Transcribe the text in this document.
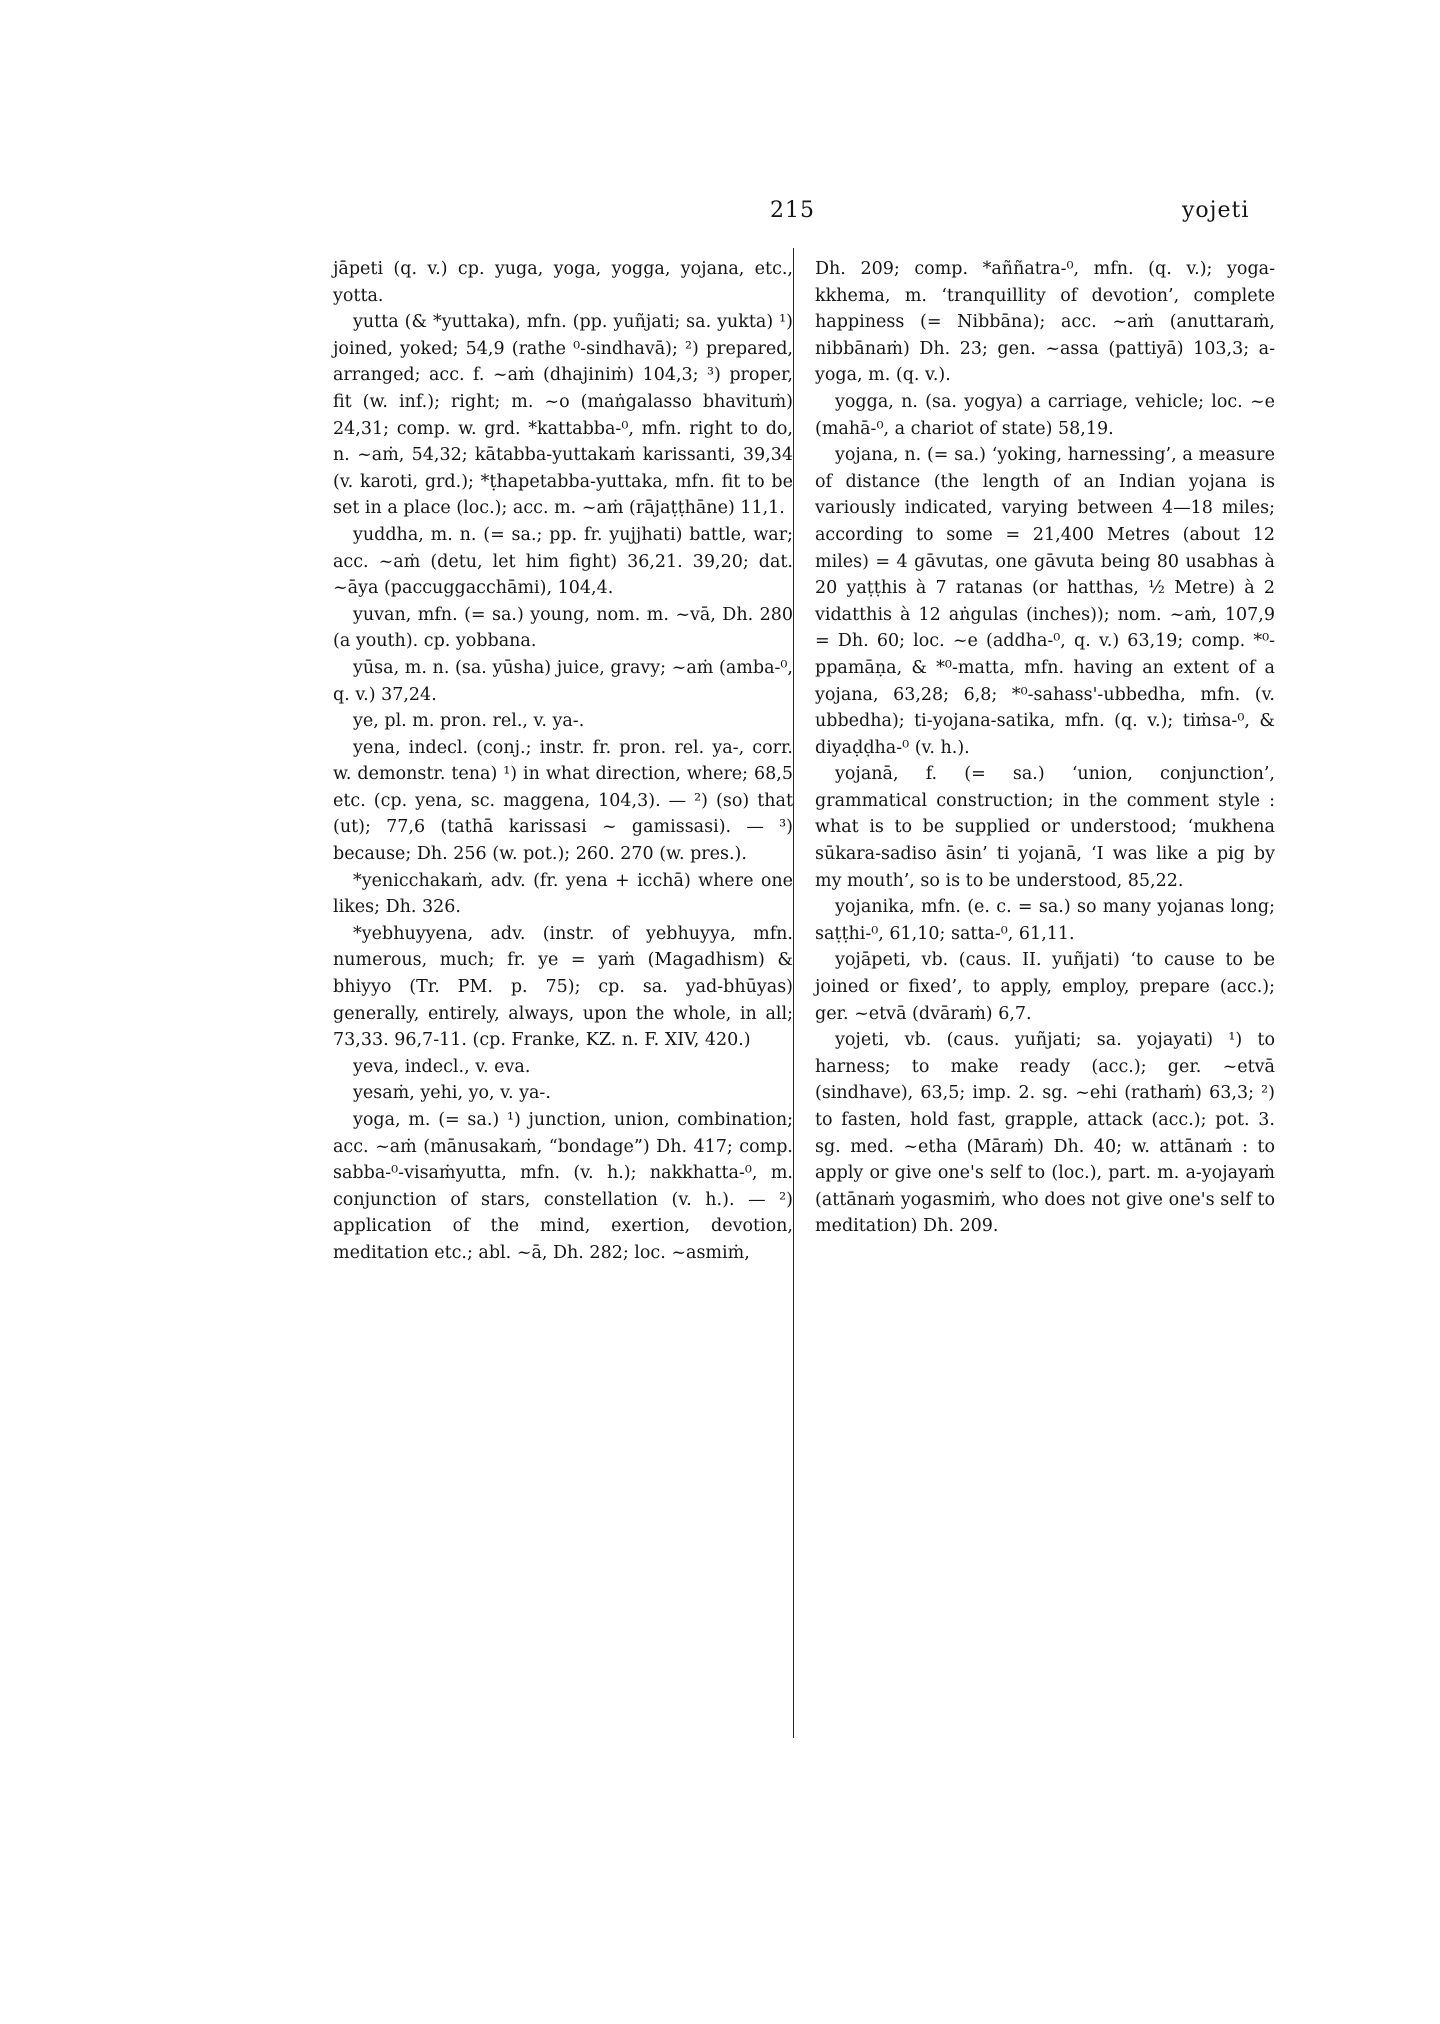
215	yojeti

jāpeti (q. v.) cp. yuga, yoga, yogga, yojana, etc., yotta.

yutta (& *yuttaka), mfn. (pp. yuñjati; sa. yukta) ¹) joined, yoked; 54,9 (rathe ⁰-sindhavā); ²) prepared, arranged; acc. f. ~aṁ (dhajiniṁ) 104,3; ³) proper, fit (w. inf.); right; m. ~o (maṅgalasso bhavituṁ) 24,31; comp. w. grd. *kattabba-⁰, mfn. right to do, n. ~aṁ, 54,32; kātabba-yuttakaṁ karissanti, 39,34 (v. karoti, grd.); *ṭhapetabba-yuttaka, mfn. fit to be set in a place (loc.); acc. m. ~aṁ (rājaṭṭhāne) 11,1.

yuddha, m. n. (= sa.; pp. fr. yujjhati) battle, war; acc. ~aṁ (detu, let him fight) 36,21. 39,20; dat. ~āya (paccuggacchāmi), 104,4.

yuvan, mfn. (= sa.) young, nom. m. ~vā, Dh. 280 (a youth). cp. yobbana.

yūsa, m. n. (sa. yūsha) juice, gravy; ~aṁ (amba-⁰, q. v.) 37,24.

ye, pl. m. pron. rel., v. ya-.

yena, indecl. (conj.; instr. fr. pron. rel. ya-, corr. w. demonstr. tena) ¹) in what direction, where; 68,5 etc. (cp. yena, sc. maggena, 104,3). — ²) (so) that (ut); 77,6 (tathā karissasi ~ gamissasi). — ³) because; Dh. 256 (w. pot.); 260. 270 (w. pres.).

*yenicchakaṁ, adv. (fr. yena + icchā) where one likes; Dh. 326.

*yebhuyyena, adv. (instr. of yebhuyya, mfn. numerous, much; fr. ye = yaṁ (Magadhism) & bhiyyo (Tr. PM. p. 75); cp. sa. yad-bhūyas) generally, entirely, always, upon the whole, in all; 73,33. 96,7-11. (cp. Franke, KZ. n. F. XIV, 420.)

yeva, indecl., v. eva.

yesaṁ, yehi, yo, v. ya-.

yoga, m. (= sa.) ¹) junction, union, combination; acc. ~aṁ (mānusakaṁ, “bondage”) Dh. 417; comp. sabba-⁰-visaṁyutta, mfn. (v. h.); nakkhatta-⁰, m. conjunction of stars, constellation (v. h.). — ²) application of the mind, exertion, devotion, meditation etc.; abl. ~ā, Dh. 282; loc. ~asmiṁ,

Dh. 209; comp. *aññatra-⁰, mfn. (q. v.); yoga-kkhema, m. ‘tranquillity of devotion’, complete happiness (= Nibbāna); acc. ~aṁ (anuttaraṁ, nibbānaṁ) Dh. 23; gen. ~assa (pattiyā) 103,3; a-yoga, m. (q. v.).

yogga, n. (sa. yogya) a carriage, vehicle; loc. ~e (mahā-⁰, a chariot of state) 58,19.

yojana, n. (= sa.) ‘yoking, harnessing’, a measure of distance (the length of an Indian yojana is variously indicated, varying between 4—18 miles; according to some = 21,400 Metres (about 12 miles) = 4 gāvutas, one gāvuta being 80 usabhas à 20 yaṭṭhis à 7 ratanas (or hatthas, ½ Metre) à 2 vidatthis à 12 aṅgulas (inches)); nom. ~aṁ, 107,9 = Dh. 60; loc. ~e (addha-⁰, q. v.) 63,19; comp. *⁰-ppamāṇa, & *⁰-matta, mfn. having an extent of a yojana, 63,28; 6,8; *⁰-sahass'-ubbedha, mfn. (v. ubbedha); ti-yojana-satika, mfn. (q. v.); tiṁsa-⁰, & diyaḍḍha-⁰ (v. h.).

yojanā, f. (= sa.) ‘union, conjunction’, grammatical construction; in the comment style : what is to be supplied or understood; ‘mukhena sūkara-sadiso āsin’ ti yojanā, ‘I was like a pig by my mouth’, so is to be understood, 85,22.

yojanika, mfn. (e. c. = sa.) so many yojanas long; saṭṭhi-⁰, 61,10; satta-⁰, 61,11.

yojāpeti, vb. (caus. II. yuñjati) ‘to cause to be joined or fixed’, to apply, employ, prepare (acc.); ger. ~etvā (dvāraṁ) 6,7.

yojeti, vb. (caus. yuñjati; sa. yojayati) ¹) to harness; to make ready (acc.); ger. ~etvā (sindhave), 63,5; imp. 2. sg. ~ehi (rathaṁ) 63,3; ²) to fasten, hold fast, grapple, attack (acc.); pot. 3. sg. med. ~etha (Māraṁ) Dh. 40; w. attānaṁ : to apply or give one's self to (loc.), part. m. a-yojayaṁ (attānaṁ yogasmiṁ, who does not give one's self to meditation) Dh. 209.
